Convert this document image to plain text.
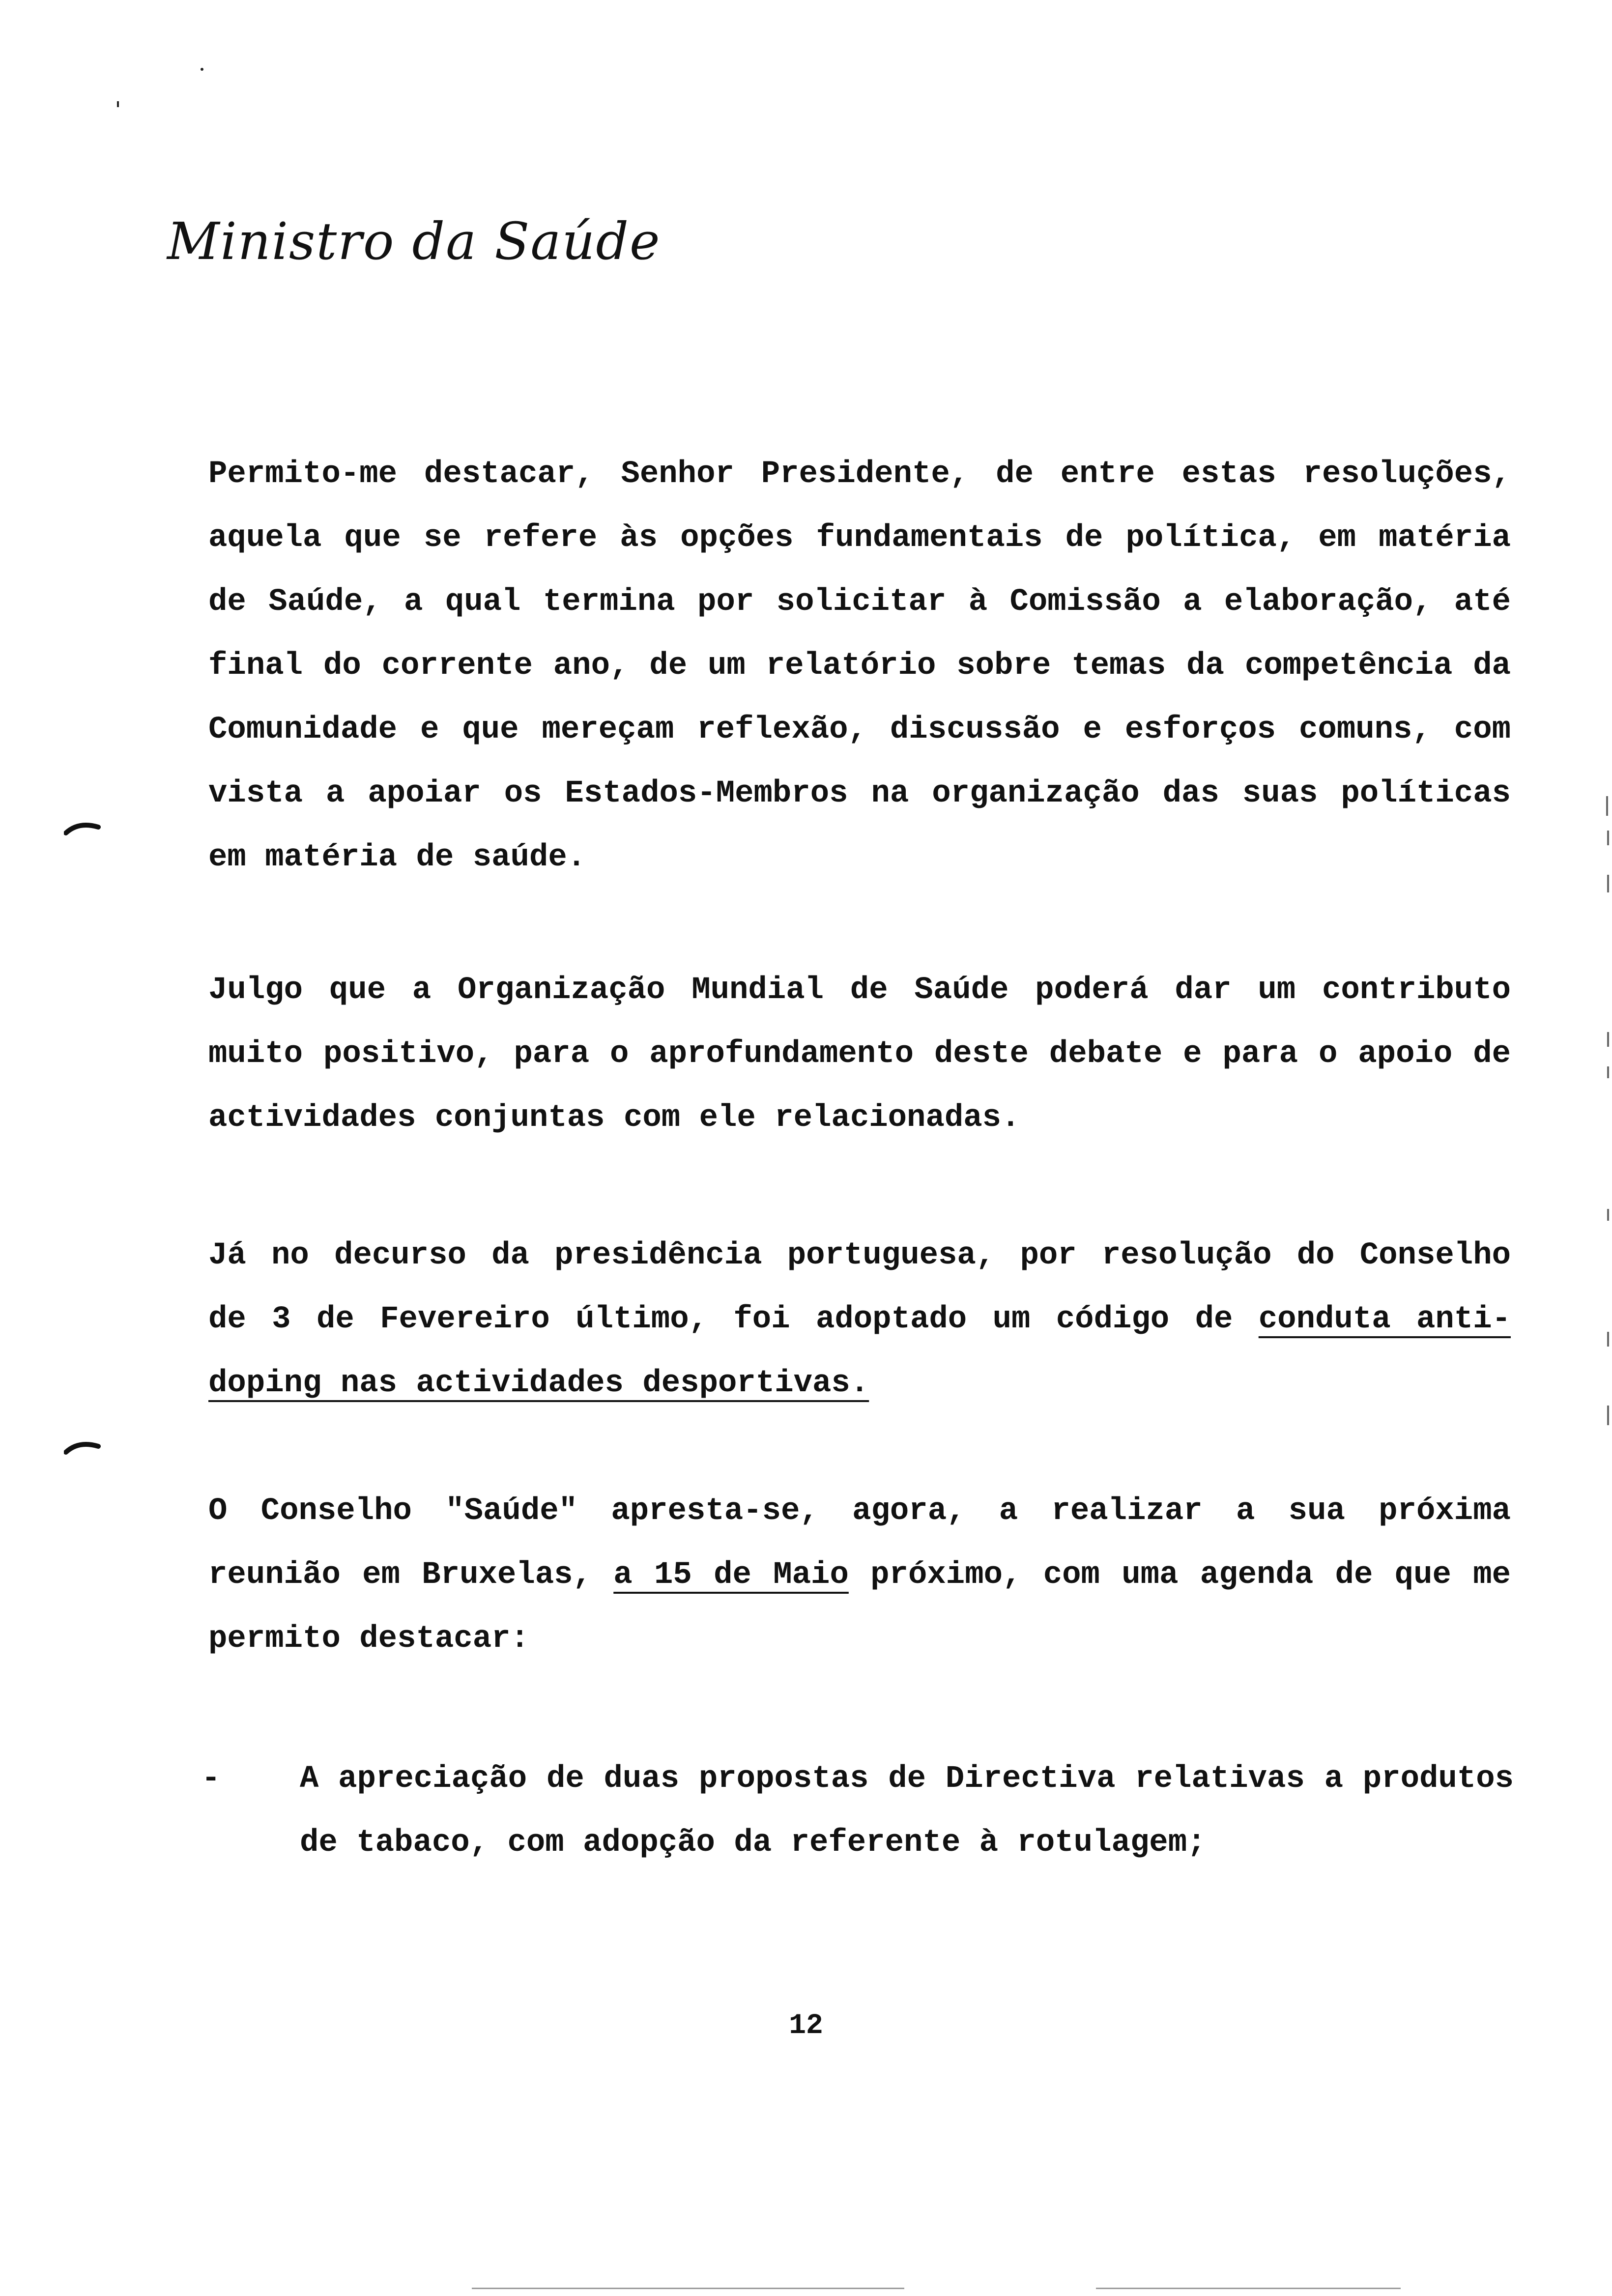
Ministro da Saúde
Permito-me destacar, Senhor Presidente, de entre estas resoluções, aquela que se refere às opções fundamentais de política, em matéria de Saúde, a qual termina por solicitar à Comissão a elaboração, até final do corrente ano, de um relatório sobre temas da competência da Comunidade e que mereçam reflexão, discussão e esforços comuns, com vista a apoiar os Estados-Membros na organização das suas políticas em matéria de saúde.
Julgo que a Organização Mundial de Saúde poderá dar um contributo muito positivo, para o aprofundamento deste debate e para o apoio de actividades conjuntas com ele relacionadas.
Já no decurso da presidência portuguesa, por resolução do Conselho de 3 de Fevereiro último, foi adoptado um código de conduta anti- doping nas actividades desportivas.
O Conselho "Saúde" apresta-se, agora, a realizar a sua próxima reunião em Bruxelas, a 15 de Maio próximo, com uma agenda de que me permito destacar:
-	A apreciação de duas propostas de Directiva relativas a produtos de tabaco, com adopção da referente à rotulagem;
12
